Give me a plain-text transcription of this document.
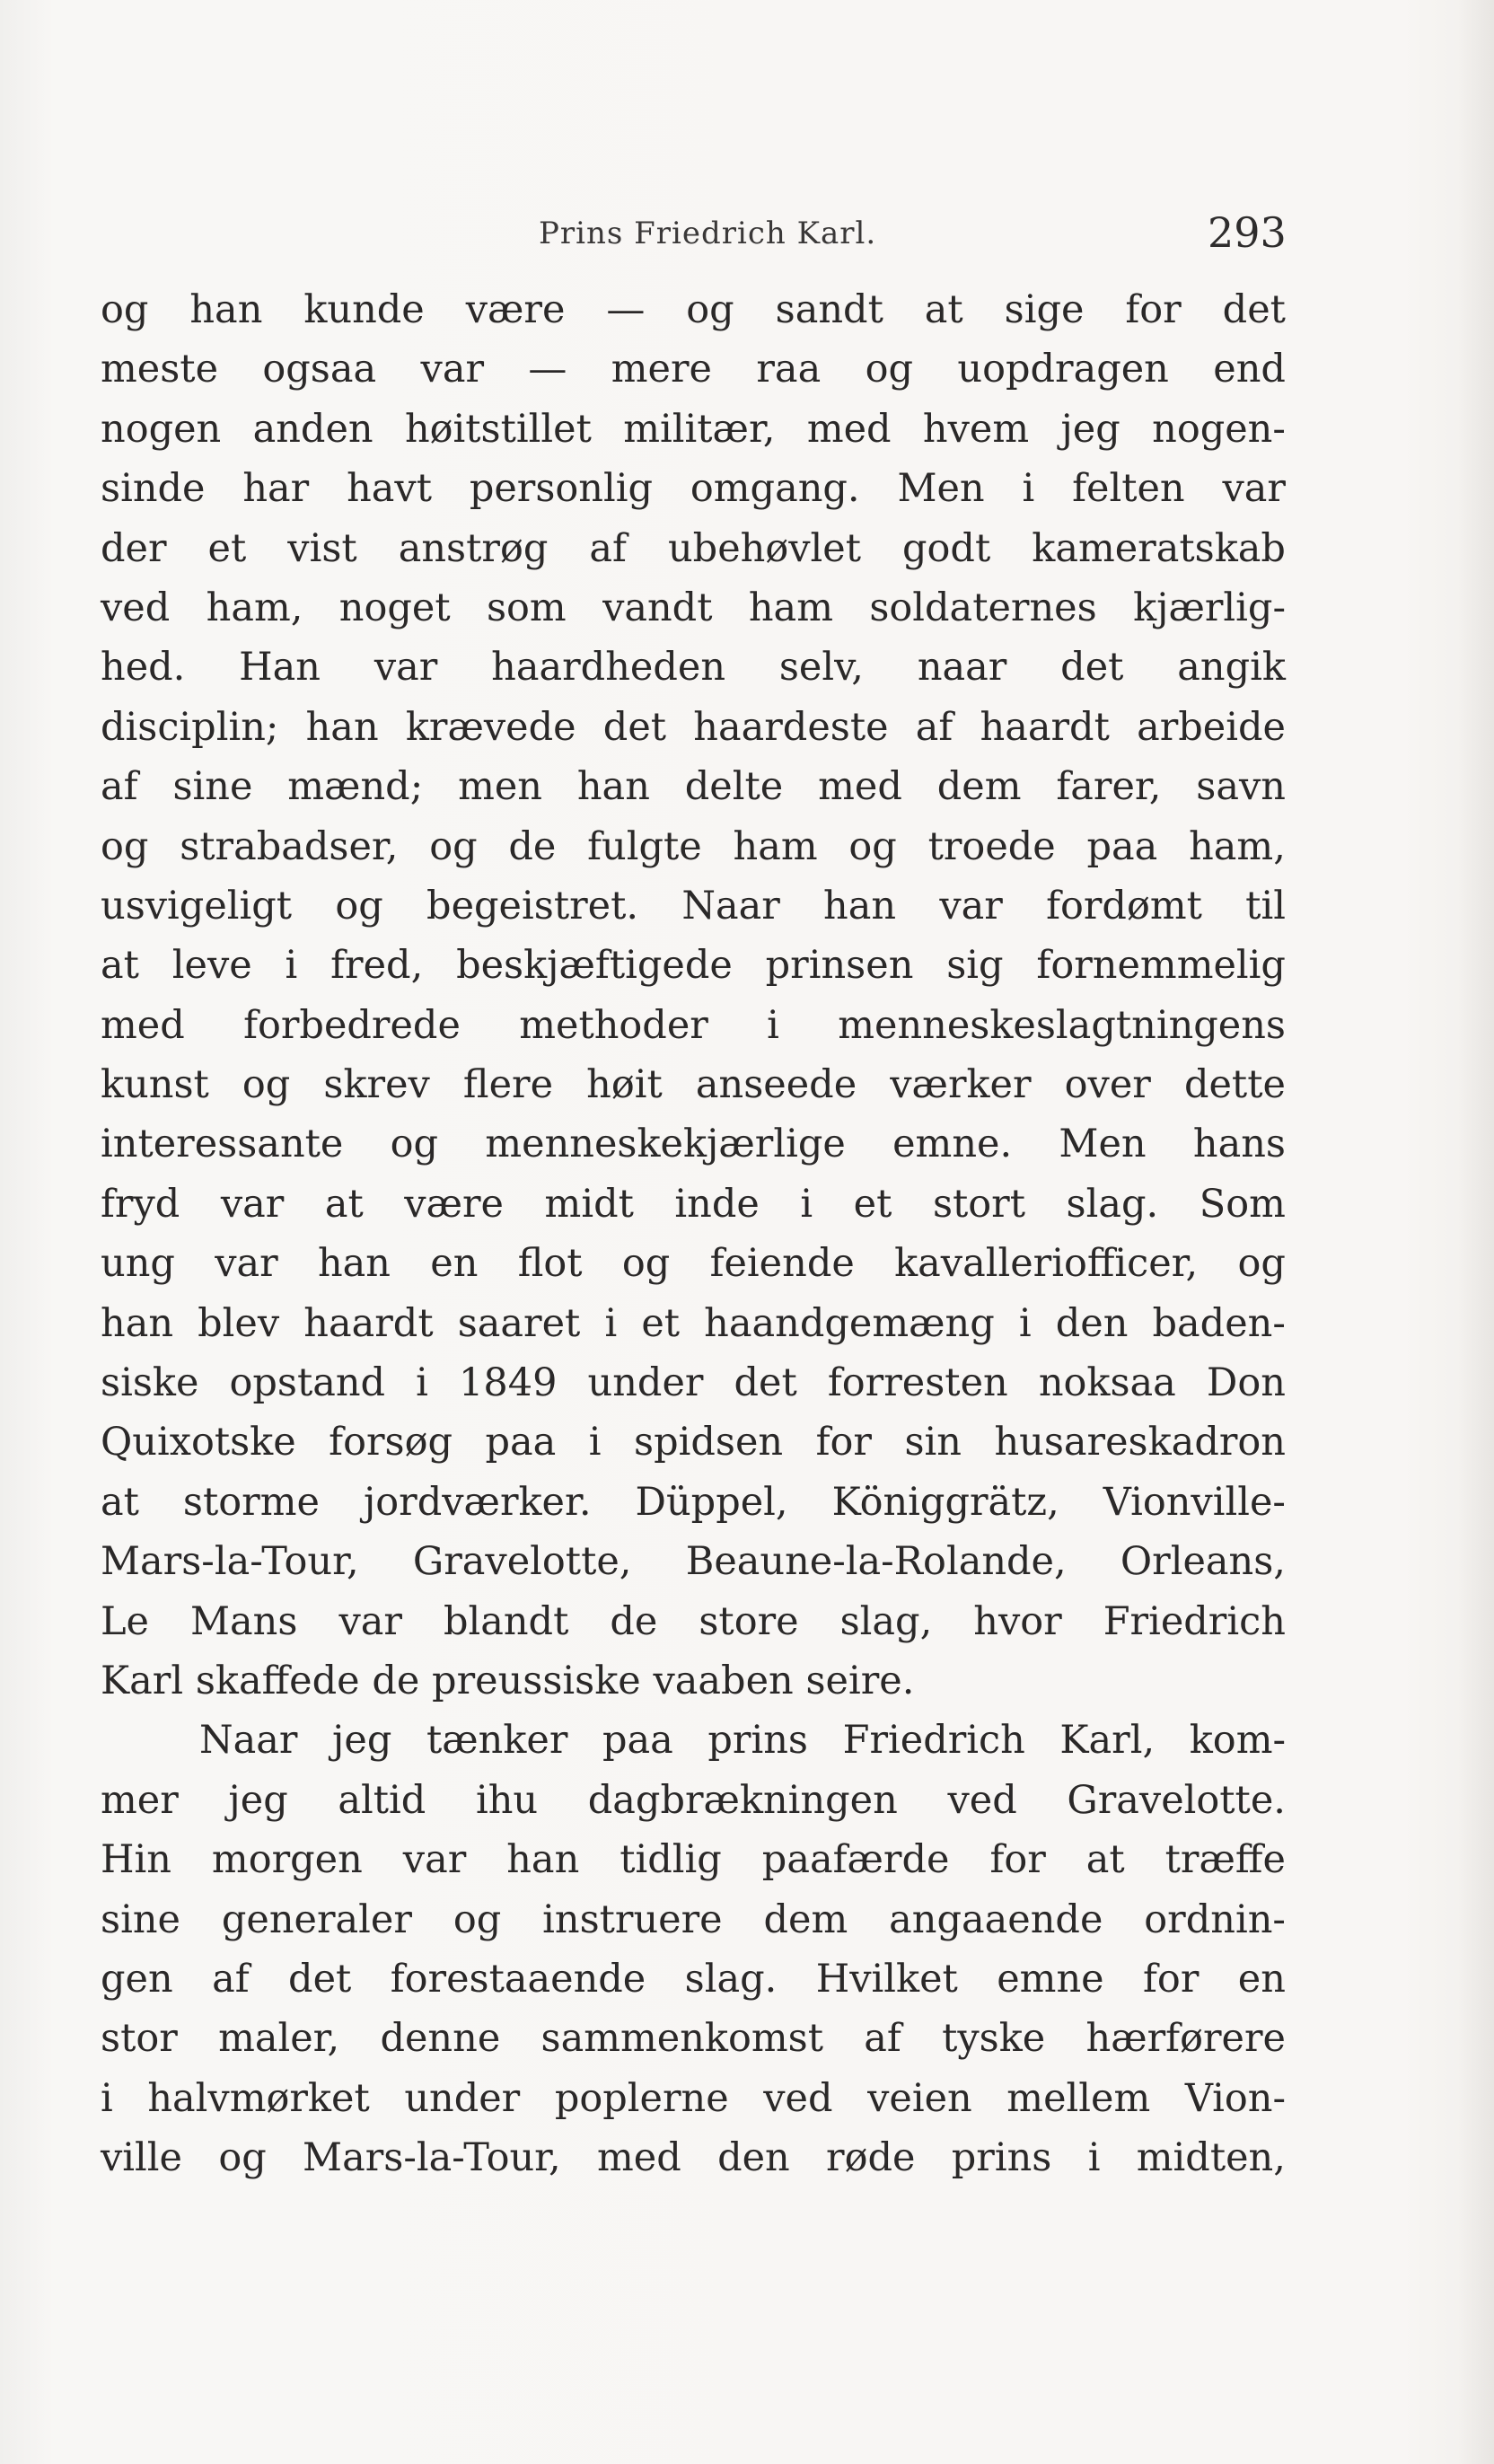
Prins Friedrich Karl.	293
og han kunde være — og sandt at sige for det
meste ogsaa var — mere raa og uopdragen end
nogen anden høitstillet militær, med hvem jeg nogen-
sinde har havt personlig omgang. Men i felten var
der et vist anstrøg af ubehøvlet godt kameratskab
ved ham, noget som vandt ham soldaternes kjærlig-
hed. Han var haardheden selv, naar det angik
disciplin; han krævede det haardeste af haardt arbeide
af sine mænd; men han delte med dem farer, savn
og strabadser, og de fulgte ham og troede paa ham,
usvigeligt og begeistret. Naar han var fordømt til
at leve i fred, beskjæftigede prinsen sig fornemmelig
med forbedrede methoder i menneskeslagtningens
kunst og skrev flere høit anseede værker over dette
interessante og menneskekjærlige emne. Men hans
fryd var at være midt inde i et stort slag. Som
ung var han en flot og feiende kavalleriofficer, og
han blev haardt saaret i et haandgemæng i den baden-
siske opstand i 1849 under det forresten noksaa Don
Quixotske forsøg paa i spidsen for sin husareskadron
at storme jordværker. Düppel, Königgrätz, Vionville-
Mars-la-Tour, Gravelotte, Beaune-la-Rolande, Orleans,
Le Mans var blandt de store slag, hvor Friedrich
Karl skaffede de preussiske vaaben seire.
Naar jeg tænker paa prins Friedrich Karl, kom-
mer jeg altid ihu dagbrækningen ved Gravelotte.
Hin morgen var han tidlig paafærde for at træffe
sine generaler og instruere dem angaaende ordnin-
gen af det forestaaende slag. Hvilket emne for en
stor maler, denne sammenkomst af tyske hærførere
i halvmørket under poplerne ved veien mellem Vion-
ville og Mars-la-Tour, med den røde prins i midten,
